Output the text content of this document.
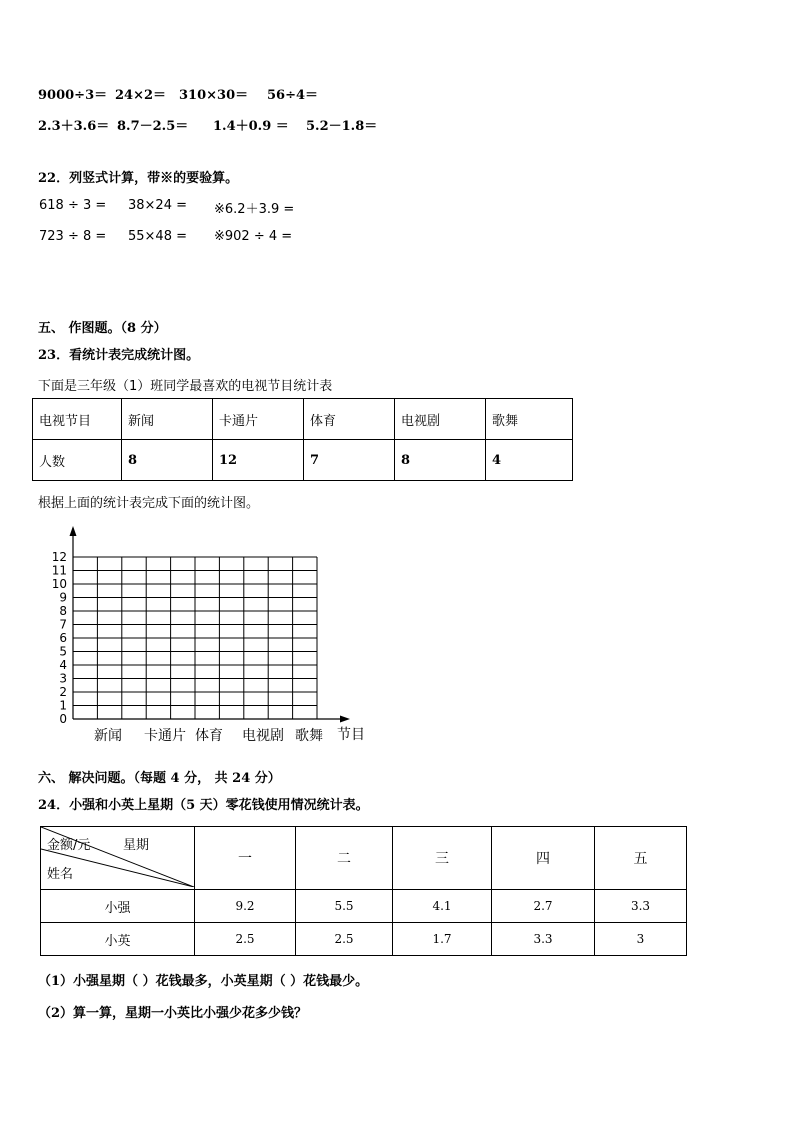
9000÷3＝ 24×2＝ 310×30＝ 56÷4＝
2.3＋3.6＝ 8.7－2.5＝ 1.4＋0.9 ＝ 5.2－1.8＝
22．列竖式计算，带※的要验算。
618 ÷ 3 = 38×24 = ※6.2＋3.9 =
723 ÷ 8 = 55×48 = ※902 ÷ 4 =
五、 作图题。（8 分）
23．看统计表完成统计图。
下面是三年级（1）班同学最喜欢的电视节目统计表
电视节目	新闻	卡通片	体育	电视剧	歌舞
人数	8	12	7	8	4
根据上面的统计表完成下面的统计图。
0
1
2
3
4
5
6
7
8
9
10
11
12
新闻 卡通片 体育 电视剧 歌舞 节目
六、 解决问题。（每题 4 分， 共 24 分）
24．小强和小英上星期（5 天）零花钱使用情况统计表。
金额/元 星期
姓名	一	二	三	四	五
小强	9.2	5.5	4.1	2.7	3.3
小英	2.5	2.5	1.7	3.3	3
（1）小强星期（ ）花钱最多，小英星期（ ）花钱最少。
（2）算一算，星期一小英比小强少花多少钱？
